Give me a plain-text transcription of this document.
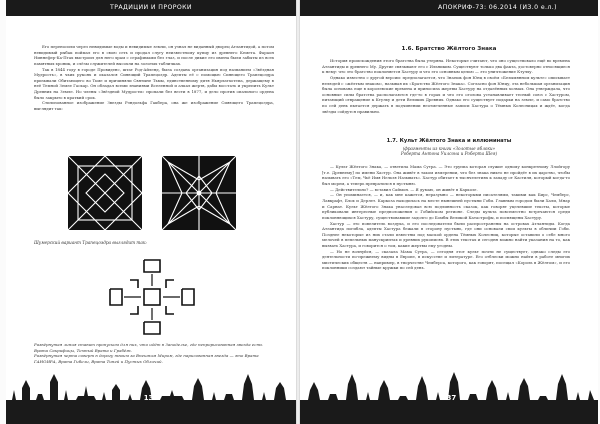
ТРАДИЦИИ И ПРОРОКИ

Его переносили через невидимые воды и невидимые земли, он узнал не виданный дворец Атлантидой, а потом невидимый рыбак поймал его в свою сеть и продал слугу неизвестному купцу из древнего Кемета. Фараон Ниннефер-Ка-Птах выстроил для него храм с серафимами без глаз, и после дикие его имена были забыты из всех памятных хроник, и слёзы служителей высохли на золотых табличках.

Так в 1844 году в городе Провиденс, штат Род-Айленд, была создана организация под названием «Звёздная Мудрость», в чьих рукоях и оказался Сияющий Трапецоэдр. Адепты её с помощью Сияющего Трапецоэдра призывали Обитающего во Тьме и причиняли Святыне Тьмы, единственному дитя Ньярлатхотепа, держащему в неё Темной Земле Гаскар. Он обладал всеми знаниями Вселенной и алкал жертв, дабы восстать и укрепить Культ Древних на Земле. Но члены «Звёздной Мудрости» пропали без вести в 1877, и дело против опального ордена было закрыто в краткий срок.

Стилизованное изображение Звезды Рэндольфа Гакбера, она же изображение Сияющего Трапецоэдра, выглядит так:

Шумерский вариант Трапецоэдра выглядит так:
Развёрнутая линия ставит пропуском для них, что идёт в Заподелье, где непрорисованная звезда есть Врата Сакрифицы, Темный Врата и Грабёж.
Развёрнутая черта соверт в дорогу твоим за Внешним Миром, где нарисованная звезда — это Врата ГАНОИРА, Врата Гибели, Врата Тиней и Пустых Обличий.
136
АПОКРИФ-73: 06.2014 (ИЗ.0 е.л.)
1.6. Братство Жёлтого Знака

История происхождения этого братства была утеряна. Некоторые считают, что оно существовало ещё во времена Атлантиды и древнего Му. Другие связывают его с Ильниким. Существуют только два факта, достоверно относящиеся к нему: что это братство поклоняется Хастуру и что его основным целью — это уничтожение Ктулху.

Однако известно с другой версии: предполагается, что Знаешь фон Юнц в своём «Безымянном культе» описывает нелюдей с «жёлтым знаком», называя их «Братство Жёлтого Знака». Согласно фон Юнцу, эта небольшая организация была основана еще в королевские времена и приносила жертвы Хастуру на отдалённых холмах. Она утверждала, что основные силы братства располагаются где-то в горах и что его оголова устанавливает тесный союз с Хастуром, питающий отвращение к Ктулху и дети Великих Древних. Однако его существует подарки на земле, и само братство по сей день пытается держать в подчинении неотмеченные записи Хастура о Тёмных Колесницах и ждёт, когда звёзды сойдутся правильно.

1.7. Культ Жёлтого Знака и иллюминаты
(фрагменты из книги «Золотые яблоки»
Роберта Антона Уилсона и Роберта Шея)

— Культ Жёлтого Знака, — ответила Мама Сутра. — Это группа которая служит одному конкретному Ллойгору [т.е. Древнему] по имени Хастур. Она живёт в таком измерении, что без знака никто не пройдёт в их царство, чтобы называть его «Тем, Чьё Имя Нельзя Называть». Хастур обитает в тысячелетиях к западу от Кастиля, который когда-то был морем, а теперь превратился в пустыню.

— Действительно? — вставил Саймон. — Я думаю, он живёт в Каркозе.

— Он упоминается, — и, как мне кажется, неразумно — некоторыми писателями, такими как Бирс, Чемберс, Лавкрафт, Блох и Дерлет. Каркоза находилась на месте нынешней пустыни Гоби. Главным городом были Хали, Мнар и Сарнат. Культ Жёлтого Знака унаследовал всю подлинность сказок, как говорят уцелевшие тексты, которые публиковали интересные предположения о Гобийском регионе. Следы культа повсеместно встречаются среди поклоняющихся Хастуру, существовавшие задолго до Бомбы Великой Катастрофы, и посвящены Хастуру.

Хастур — это повелитель воздуха, и его последователи были распространены на островах Атлантиды. Когда Атлантида погибла, адепты Хастура бежали в сторону пустынь, где они основали свои культы в обличии Гоби. Позднее некоторые из них стали известны под маской ордена Тёмных Колесниц, которые оставили о себе много мелочей в пепельных манускриптах и древних рукописях. В этих текстах и сегодня можно найти указания на то, как вызвать Хастура, и говорится о том, какие жертвы ему угодны.

— Но не волнуйся, — сказала Мама Сутра, — сегодня этот культ почти не существует, однако следы его деятельности по-прежнему видны в Европе, в искусстве и литературе. Его отблески можно найти в работе многих мистических обществ — например, в творчестве Чемберса, которого, как говорят, посещал «Король в Жёлтом», и его поклонники создают тайные кружки по сей день.

137
